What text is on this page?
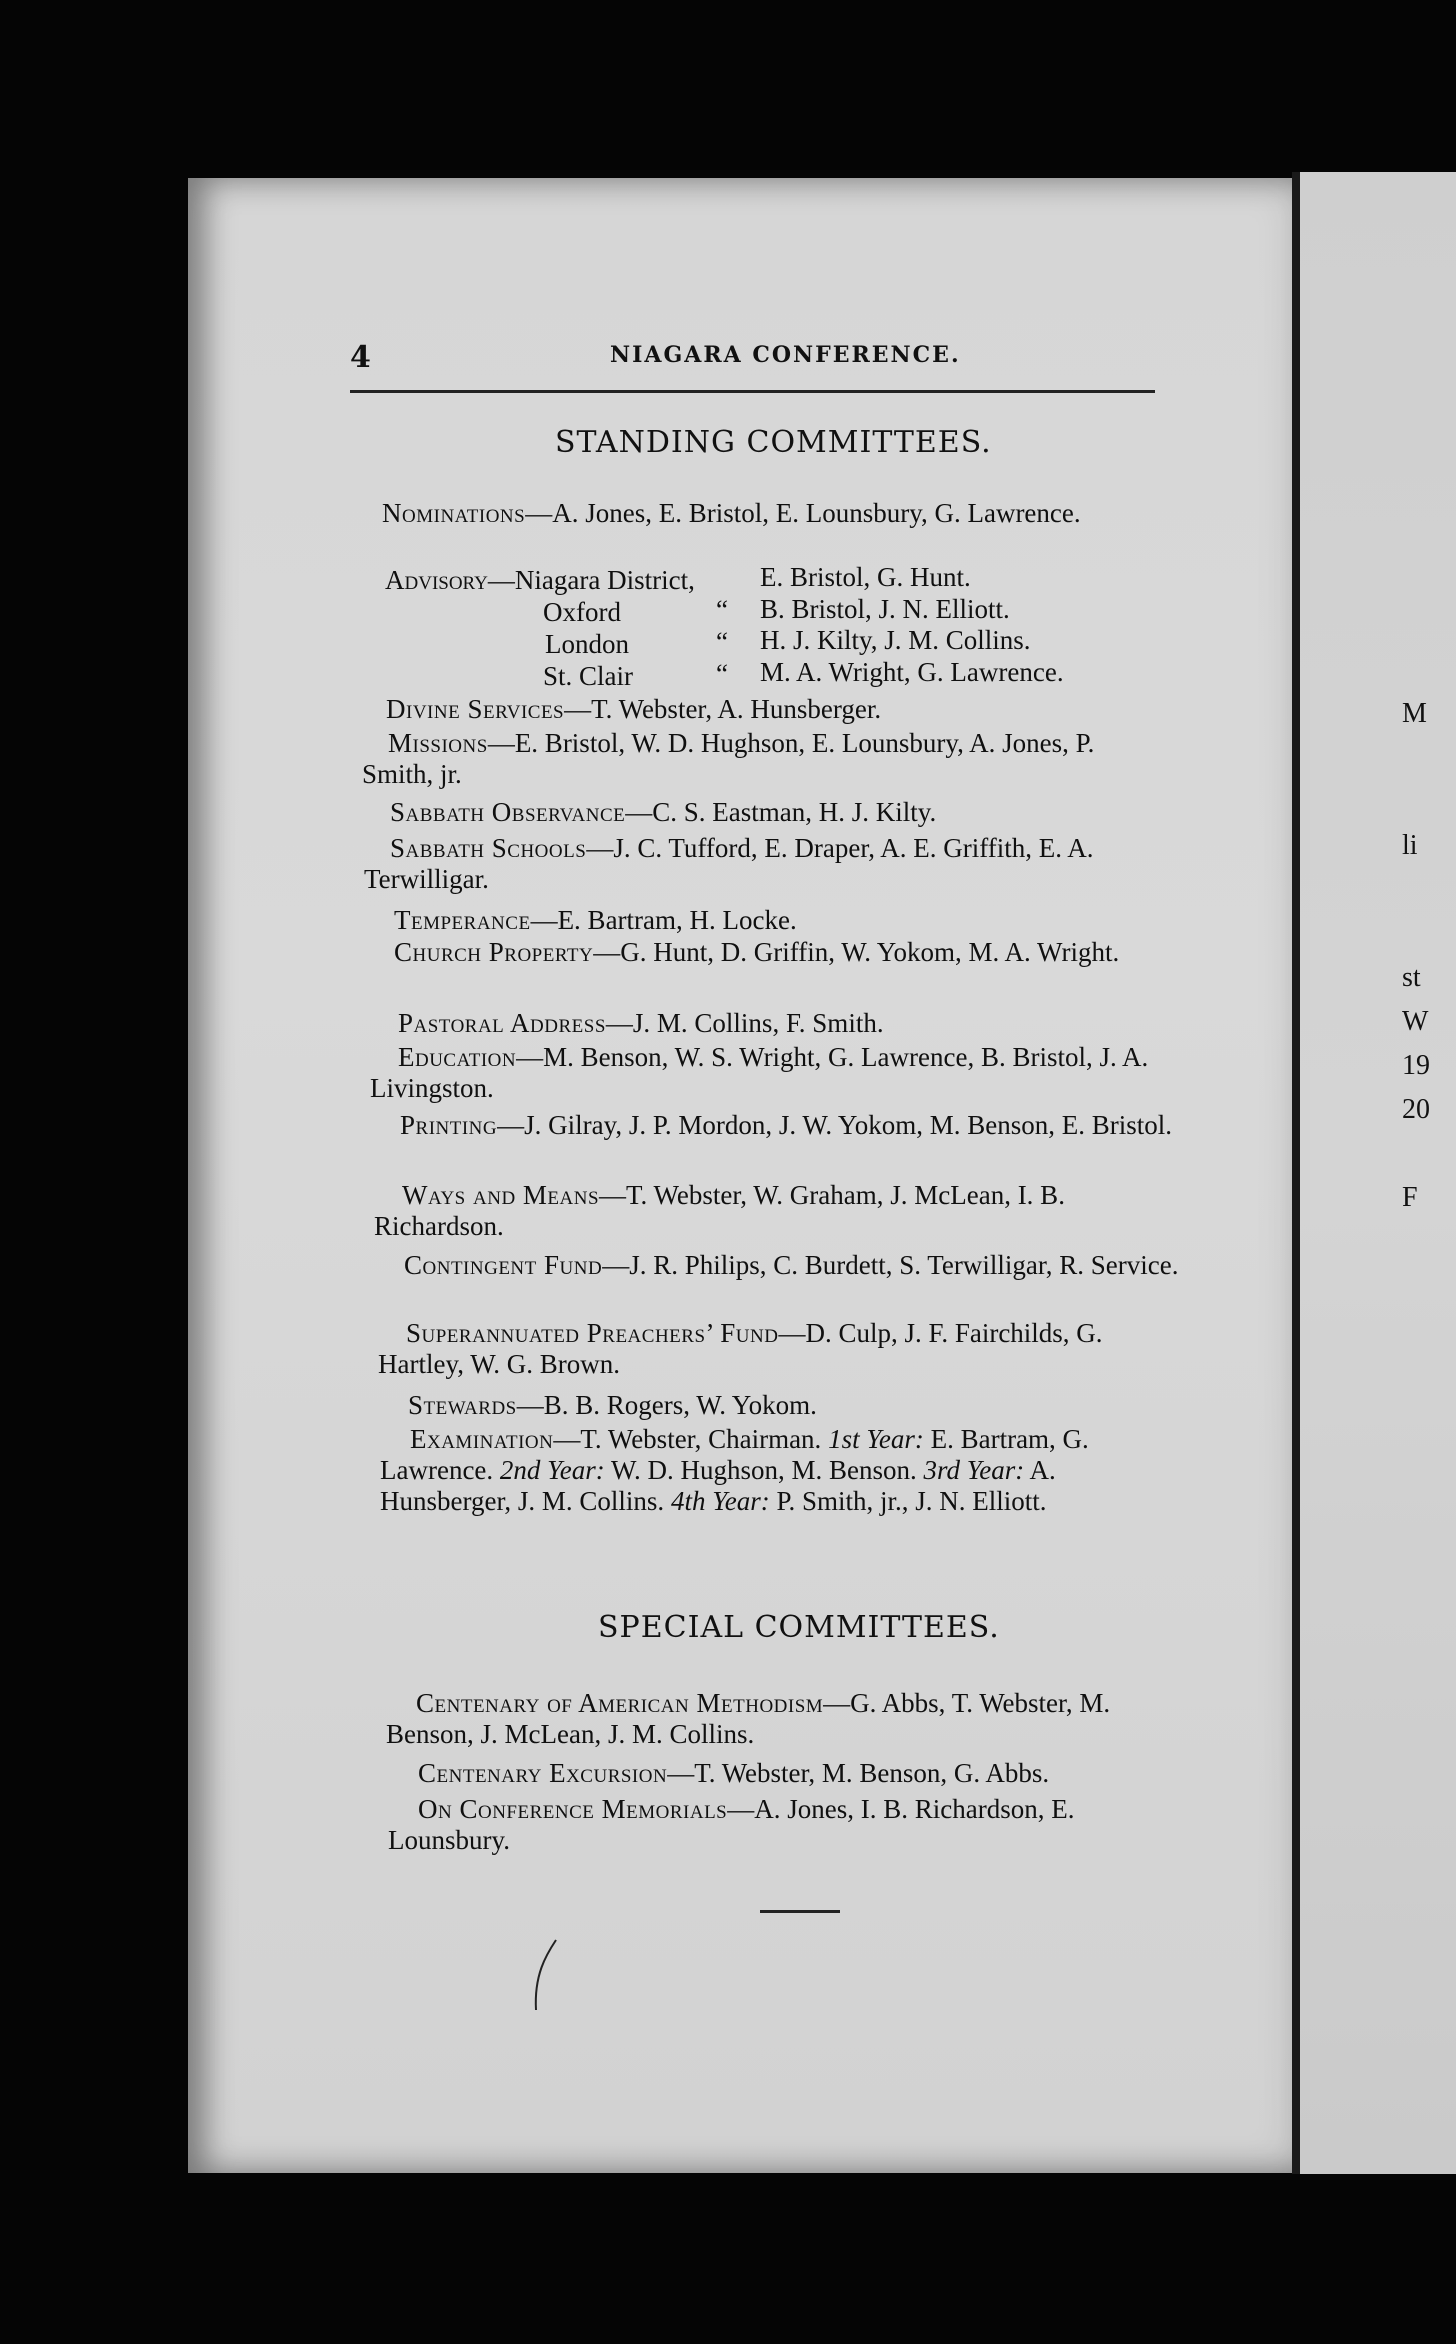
M

li

st
W
19
20

F
4	NIAGARA CONFERENCE.
STANDING COMMITTEES.
Nominations—A. Jones, E. Bristol, E. Lounsbury, G. Lawrence.
Advisory—Niagara District, E. Bristol, G. Hunt.
Oxford	“ B. Bristol, J. N. Elliott.
London	“ H. J. Kilty, J. M. Collins.
St. Clair	“ M. A. Wright, G. Lawrence.
Divine Services—T. Webster, A. Hunsberger.
Missions—E. Bristol, W. D. Hughson, E. Lounsbury, A. Jones, P. Smith, jr.
Sabbath Observance—C. S. Eastman, H. J. Kilty.
Sabbath Schools—J. C. Tufford, E. Draper, A. E. Griffith, E. A. Terwilligar.
Temperance—E. Bartram, H. Locke.
Church Property—G. Hunt, D. Griffin, W. Yokom, M. A. Wright.
Pastoral Address—J. M. Collins, F. Smith.
Education—M. Benson, W. S. Wright, G. Lawrence, B. Bristol, J. A. Livingston.
Printing—J. Gilray, J. P. Mordon, J. W. Yokom, M. Benson, E. Bristol.
Ways and Means—T. Webster, W. Graham, J. McLean, I. B. Richardson.
Contingent Fund—J. R. Philips, C. Burdett, S. Terwilligar, R. Service.
Superannuated Preachers’ Fund—D. Culp, J. F. Fairchilds, G. Hartley, W. G. Brown.
Stewards—B. B. Rogers, W. Yokom.
Examination—T. Webster, Chairman. 1st Year: E. Bartram, G. Lawrence. 2nd Year: W. D. Hughson, M. Benson. 3rd Year: A. Hunsberger, J. M. Collins. 4th Year: P. Smith, jr., J. N. Elliott.
SPECIAL COMMITTEES.
Centenary of American Methodism—G. Abbs, T. Webster, M. Benson, J. McLean, J. M. Collins.
Centenary Excursion—T. Webster, M. Benson, G. Abbs.
On Conference Memorials—A. Jones, I. B. Richardson, E. Lounsbury.
